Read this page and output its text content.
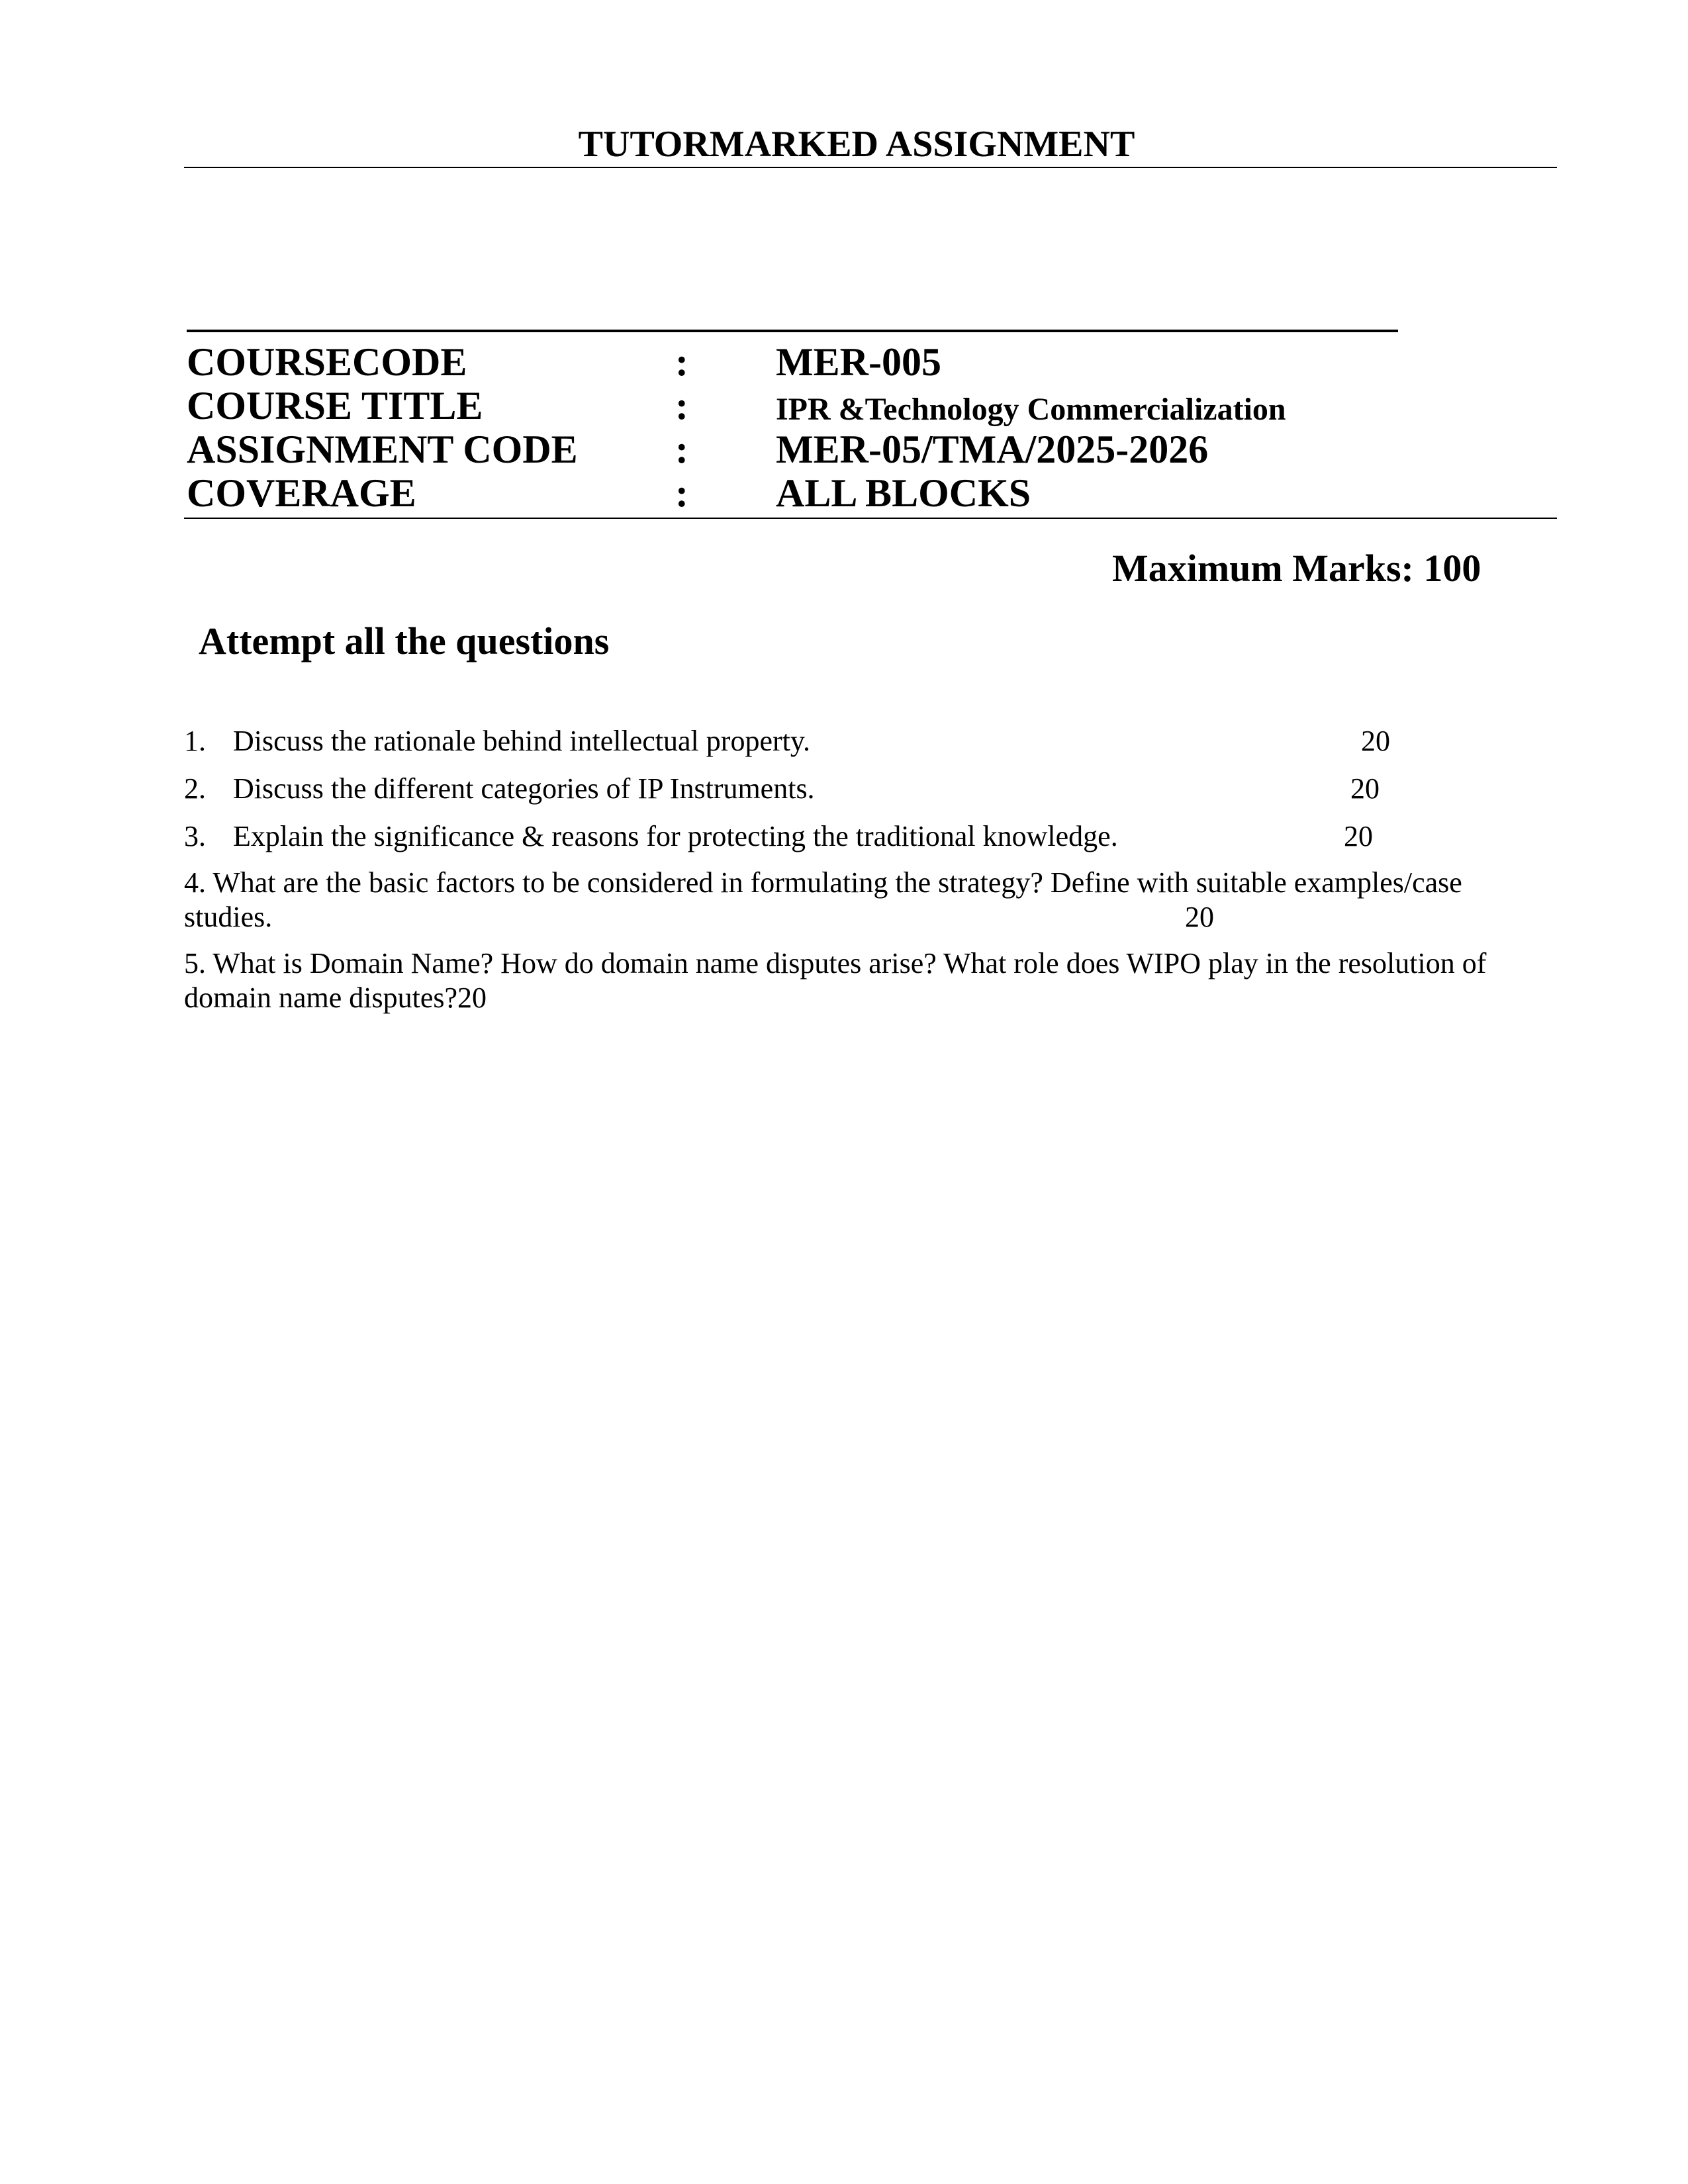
TUTORMARKED ASSIGNMENT
COURSECODE	: MER-005
COURSE TITLE	:	IPR &Technology Commercialization
ASSIGNMENT CODE : MER-05/TMA/2025-2026
COVERAGE	: ALL BLOCKS
Maximum Marks: 100
Attempt all the questions
1. Discuss the rationale behind intellectual property.	20
2. Discuss the different categories of IP Instruments.	20
3. Explain the significance & reasons for protecting the traditional knowledge.	20
4. What are the basic factors to be considered in formulating the strategy? Define with suitable examples/case
studies.	20
5. What is Domain Name? How do domain name disputes arise? What role does WIPO play in the resolution of
domain name disputes?20
